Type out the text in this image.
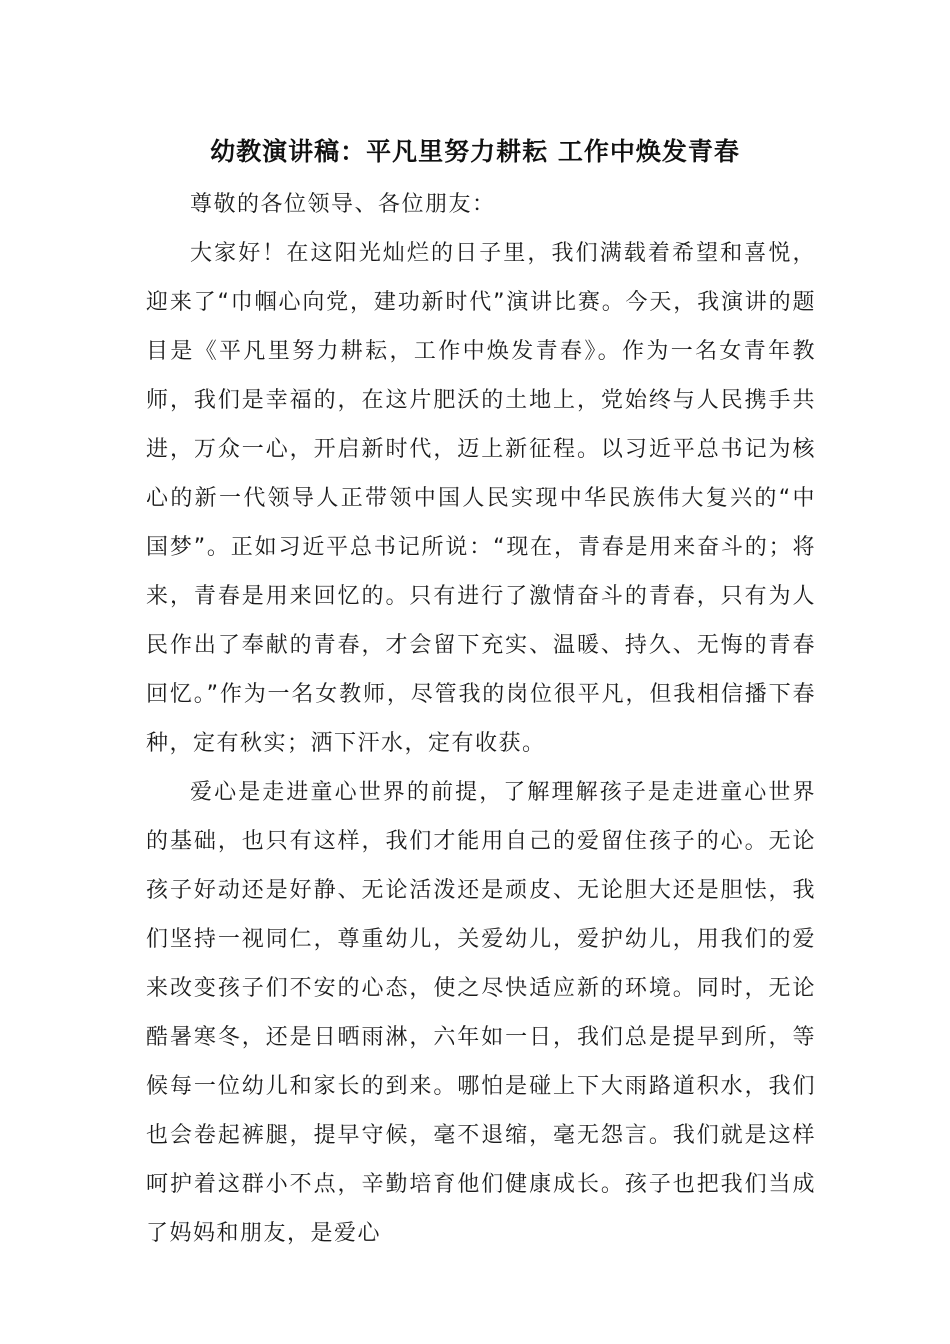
幼教演讲稿：平凡里努力耕耘 工作中焕发青春

尊敬的各位领导、各位朋友：

大家好！在这阳光灿烂的日子里，我们满载着希望和喜悦，迎来了“巾帼心向党，建功新时代”演讲比赛。今天，我演讲的题目是《平凡里努力耕耘，工作中焕发青春》。作为一名女青年教师，我们是幸福的，在这片肥沃的土地上，党始终与人民携手共进，万众一心，开启新时代，迈上新征程。以习近平总书记为核心的新一代领导人正带领中国人民实现中华民族伟大复兴的“中国梦”。正如习近平总书记所说：“现在，青春是用来奋斗的；将来，青春是用来回忆的。只有进行了激情奋斗的青春，只有为人民作出了奉献的青春，才会留下充实、温暖、持久、无悔的青春回忆。”作为一名女教师，尽管我的岗位很平凡，但我相信播下春种，定有秋实；洒下汗水，定有收获。

爱心是走进童心世界的前提，了解理解孩子是走进童心世界的基础，也只有这样，我们才能用自己的爱留住孩子的心。无论孩子好动还是好静、无论活泼还是顽皮、无论胆大还是胆怯，我们坚持一视同仁，尊重幼儿，关爱幼儿，爱护幼儿，用我们的爱来改变孩子们不安的心态，使之尽快适应新的环境。同时，无论酷暑寒冬，还是日晒雨淋，六年如一日，我们总是提早到所，等候每一位幼儿和家长的到来。哪怕是碰上下大雨路道积水，我们也会卷起裤腿，提早守候，毫不退缩，毫无怨言。我们就是这样呵护着这群小不点，辛勤培育他们健康成长。孩子也把我们当成了妈妈和朋友，是爱心
